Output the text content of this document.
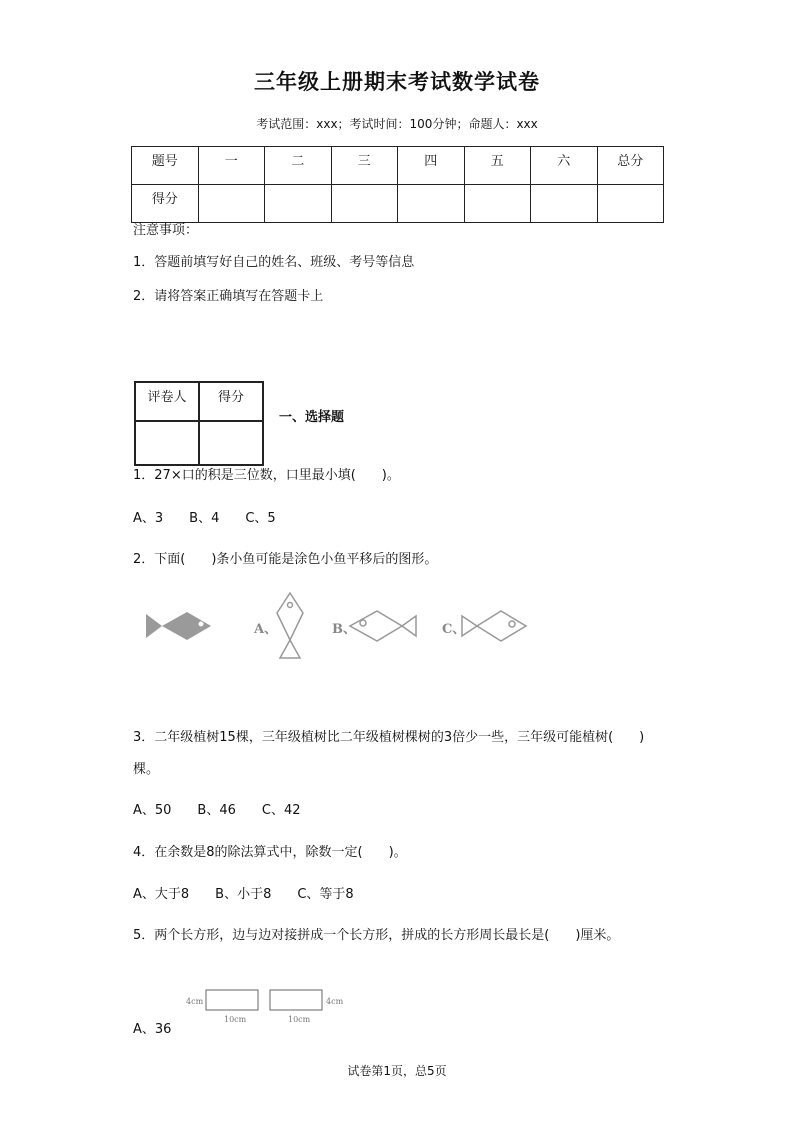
三年级上册期末考试数学试卷
考试范围：xxx；考试时间：100分钟；命题人：xxx
题号	一	二	三	四	五	六	总分
得分							
注意事项：
1．答题前填写好自己的姓名、班级、考号等信息
2．请将答案正确填写在答题卡上
评卷人	得分

一、选择题
1．27×口的积是三位数，口里最小填(　　)。
A、3　　B、4　　C、5
2．下面(　　)条小鱼可能是涂色小鱼平移后的图形。
A、	B、	C、
3．二年级植树15棵，三年级植树比二年级植树棵树的3倍少一些，三年级可能植树(　　)
棵。
A、50　　B、46　　C、42
4．在余数是8的除法算式中，除数一定(　　)。
A、大于8　　B、小于8　　C、等于8
5．两个长方形，边与边对接拼成一个长方形，拼成的长方形周长最长是(　　)厘米。
4cm
10cm
4cm
10cm
A、36
试卷第1页，总5页
